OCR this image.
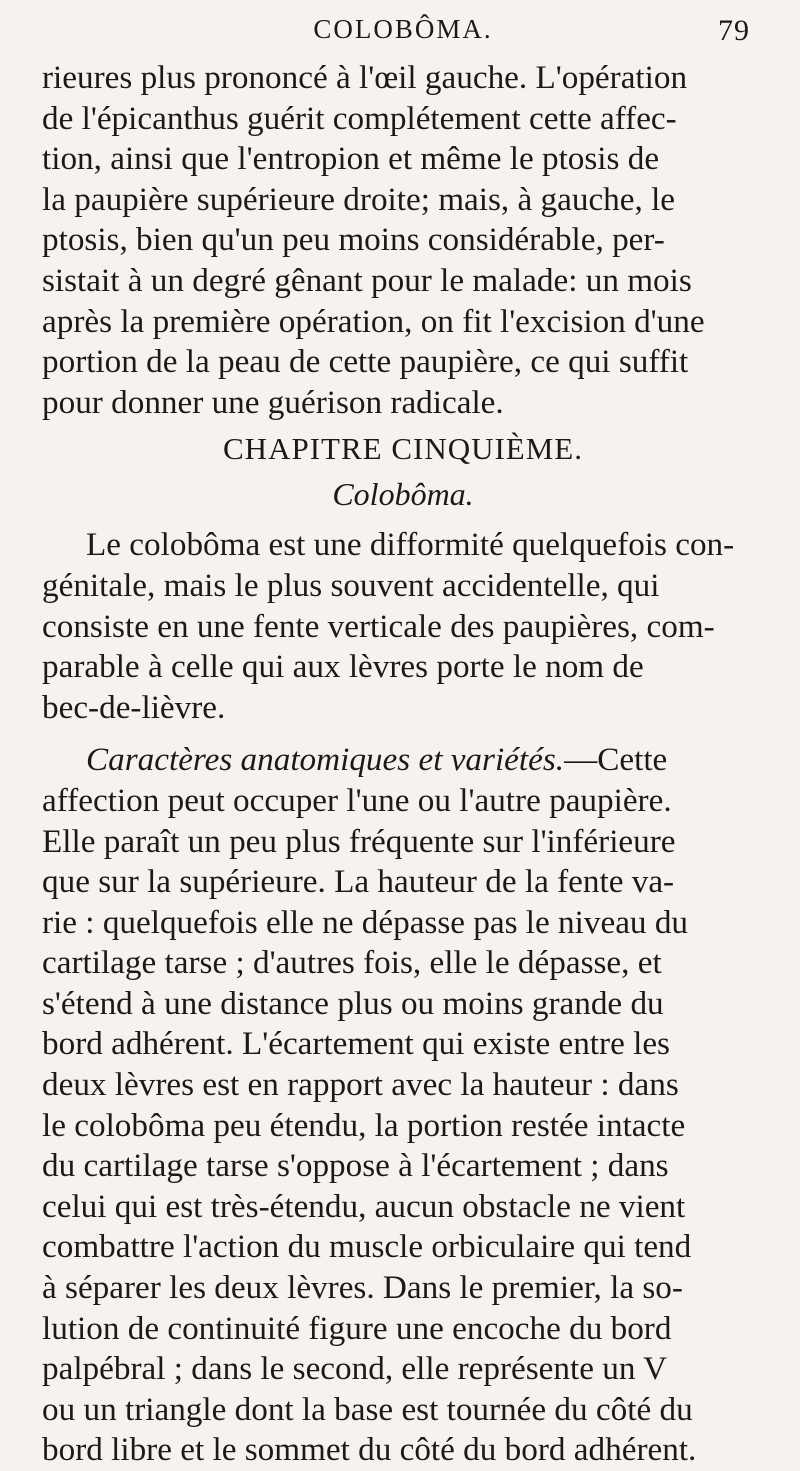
COLOBÔMA.	79

rieures plus prononcé à l'œil gauche. L'opération
de l'épicanthus guérit complétement cette affec-
tion, ainsi que l'entropion et même le ptosis de
la paupière supérieure droite; mais, à gauche, le
ptosis, bien qu'un peu moins considérable, per-
sistait à un degré gênant pour le malade: un mois
après la première opération, on fit l'excision d'une
portion de la peau de cette paupière, ce qui suffit
pour donner une guérison radicale.

CHAPITRE CINQUIÈME.
Colobôma.

Le colobôma est une difformité quelquefois con-
génitale, mais le plus souvent accidentelle, qui
consiste en une fente verticale des paupières, com-
parable à celle qui aux lèvres porte le nom de
bec-de-lièvre.

Caractères anatomiques et variétés.—Cette
affection peut occuper l'une ou l'autre paupière.
Elle paraît un peu plus fréquente sur l'inférieure
que sur la supérieure. La hauteur de la fente va-
rie : quelquefois elle ne dépasse pas le niveau du
cartilage tarse ; d'autres fois, elle le dépasse, et
s'étend à une distance plus ou moins grande du
bord adhérent. L'écartement qui existe entre les
deux lèvres est en rapport avec la hauteur : dans
le colobôma peu étendu, la portion restée intacte
du cartilage tarse s'oppose à l'écartement ; dans
celui qui est très-étendu, aucun obstacle ne vient
combattre l'action du muscle orbiculaire qui tend
à séparer les deux lèvres. Dans le premier, la so-
lution de continuité figure une encoche du bord
palpébral ; dans le second, elle représente un V
ou un triangle dont la base est tournée du côté du
bord libre et le sommet du côté du bord adhérent.
